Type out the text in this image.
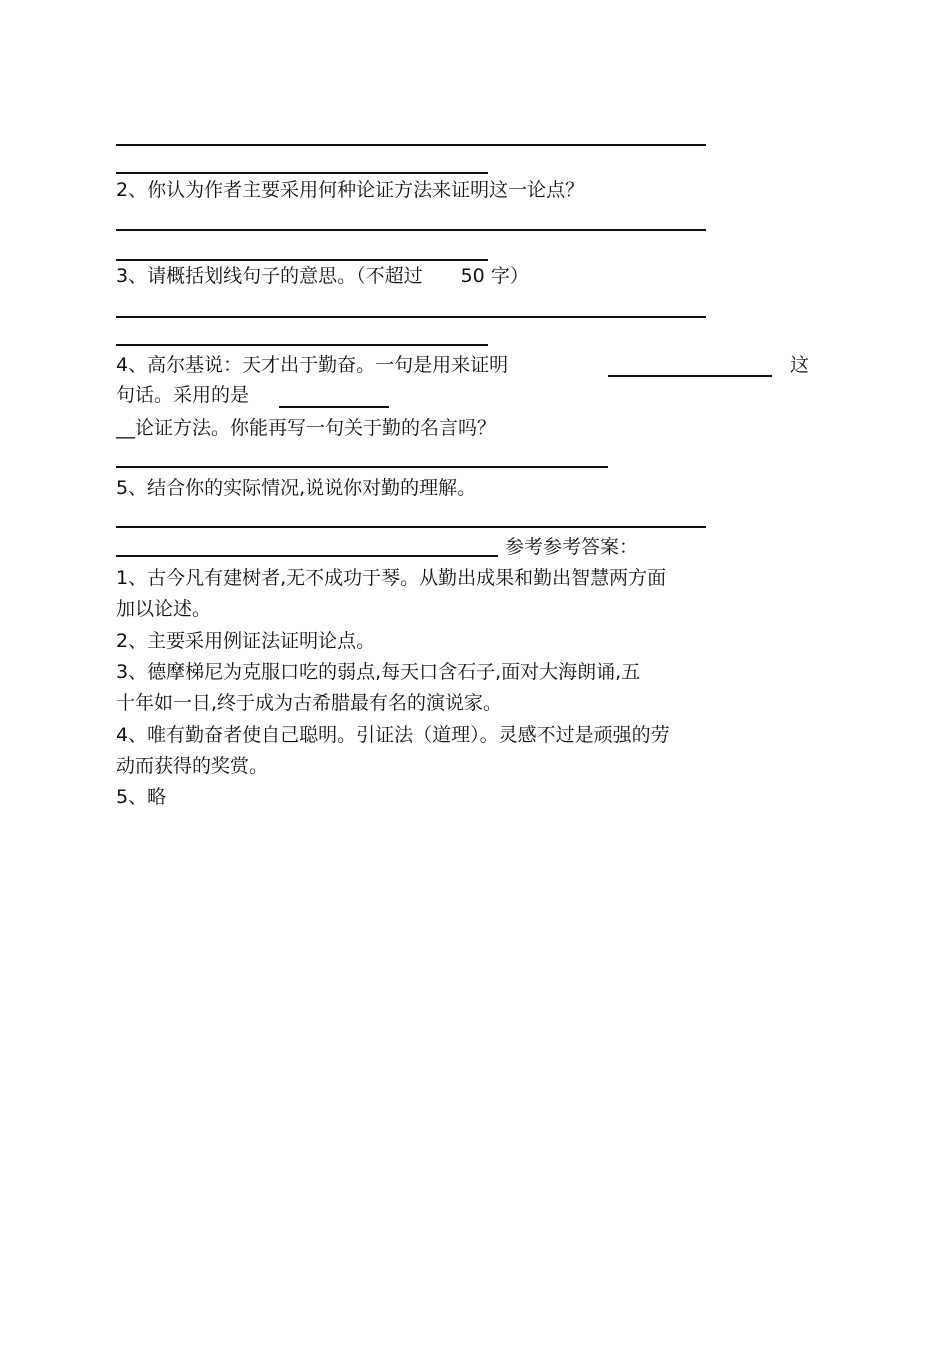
2、你认为作者主要采用何种论证方法来证明这一论点？
3、请概括划线句子的意思。（不超过 50 字）
4、高尔基说：天才出于勤奋。一句是用来证明	这
句话。采用的是
__论证方法。你能再写一句关于勤的名言吗？
5、结合你的实际情况,说说你对勤的理解。
参考参考答案：
1、古今凡有建树者,无不成功于琴。从勤出成果和勤出智慧两方面
加以论述。
2、主要采用例证法证明论点。
3、德摩梯尼为克服口吃的弱点,每天口含石子,面对大海朗诵,五
十年如一日,终于成为古希腊最有名的演说家。
4、唯有勤奋者使自己聪明。引证法（道理）。灵感不过是顽强的劳
动而获得的奖赏。
5、略
